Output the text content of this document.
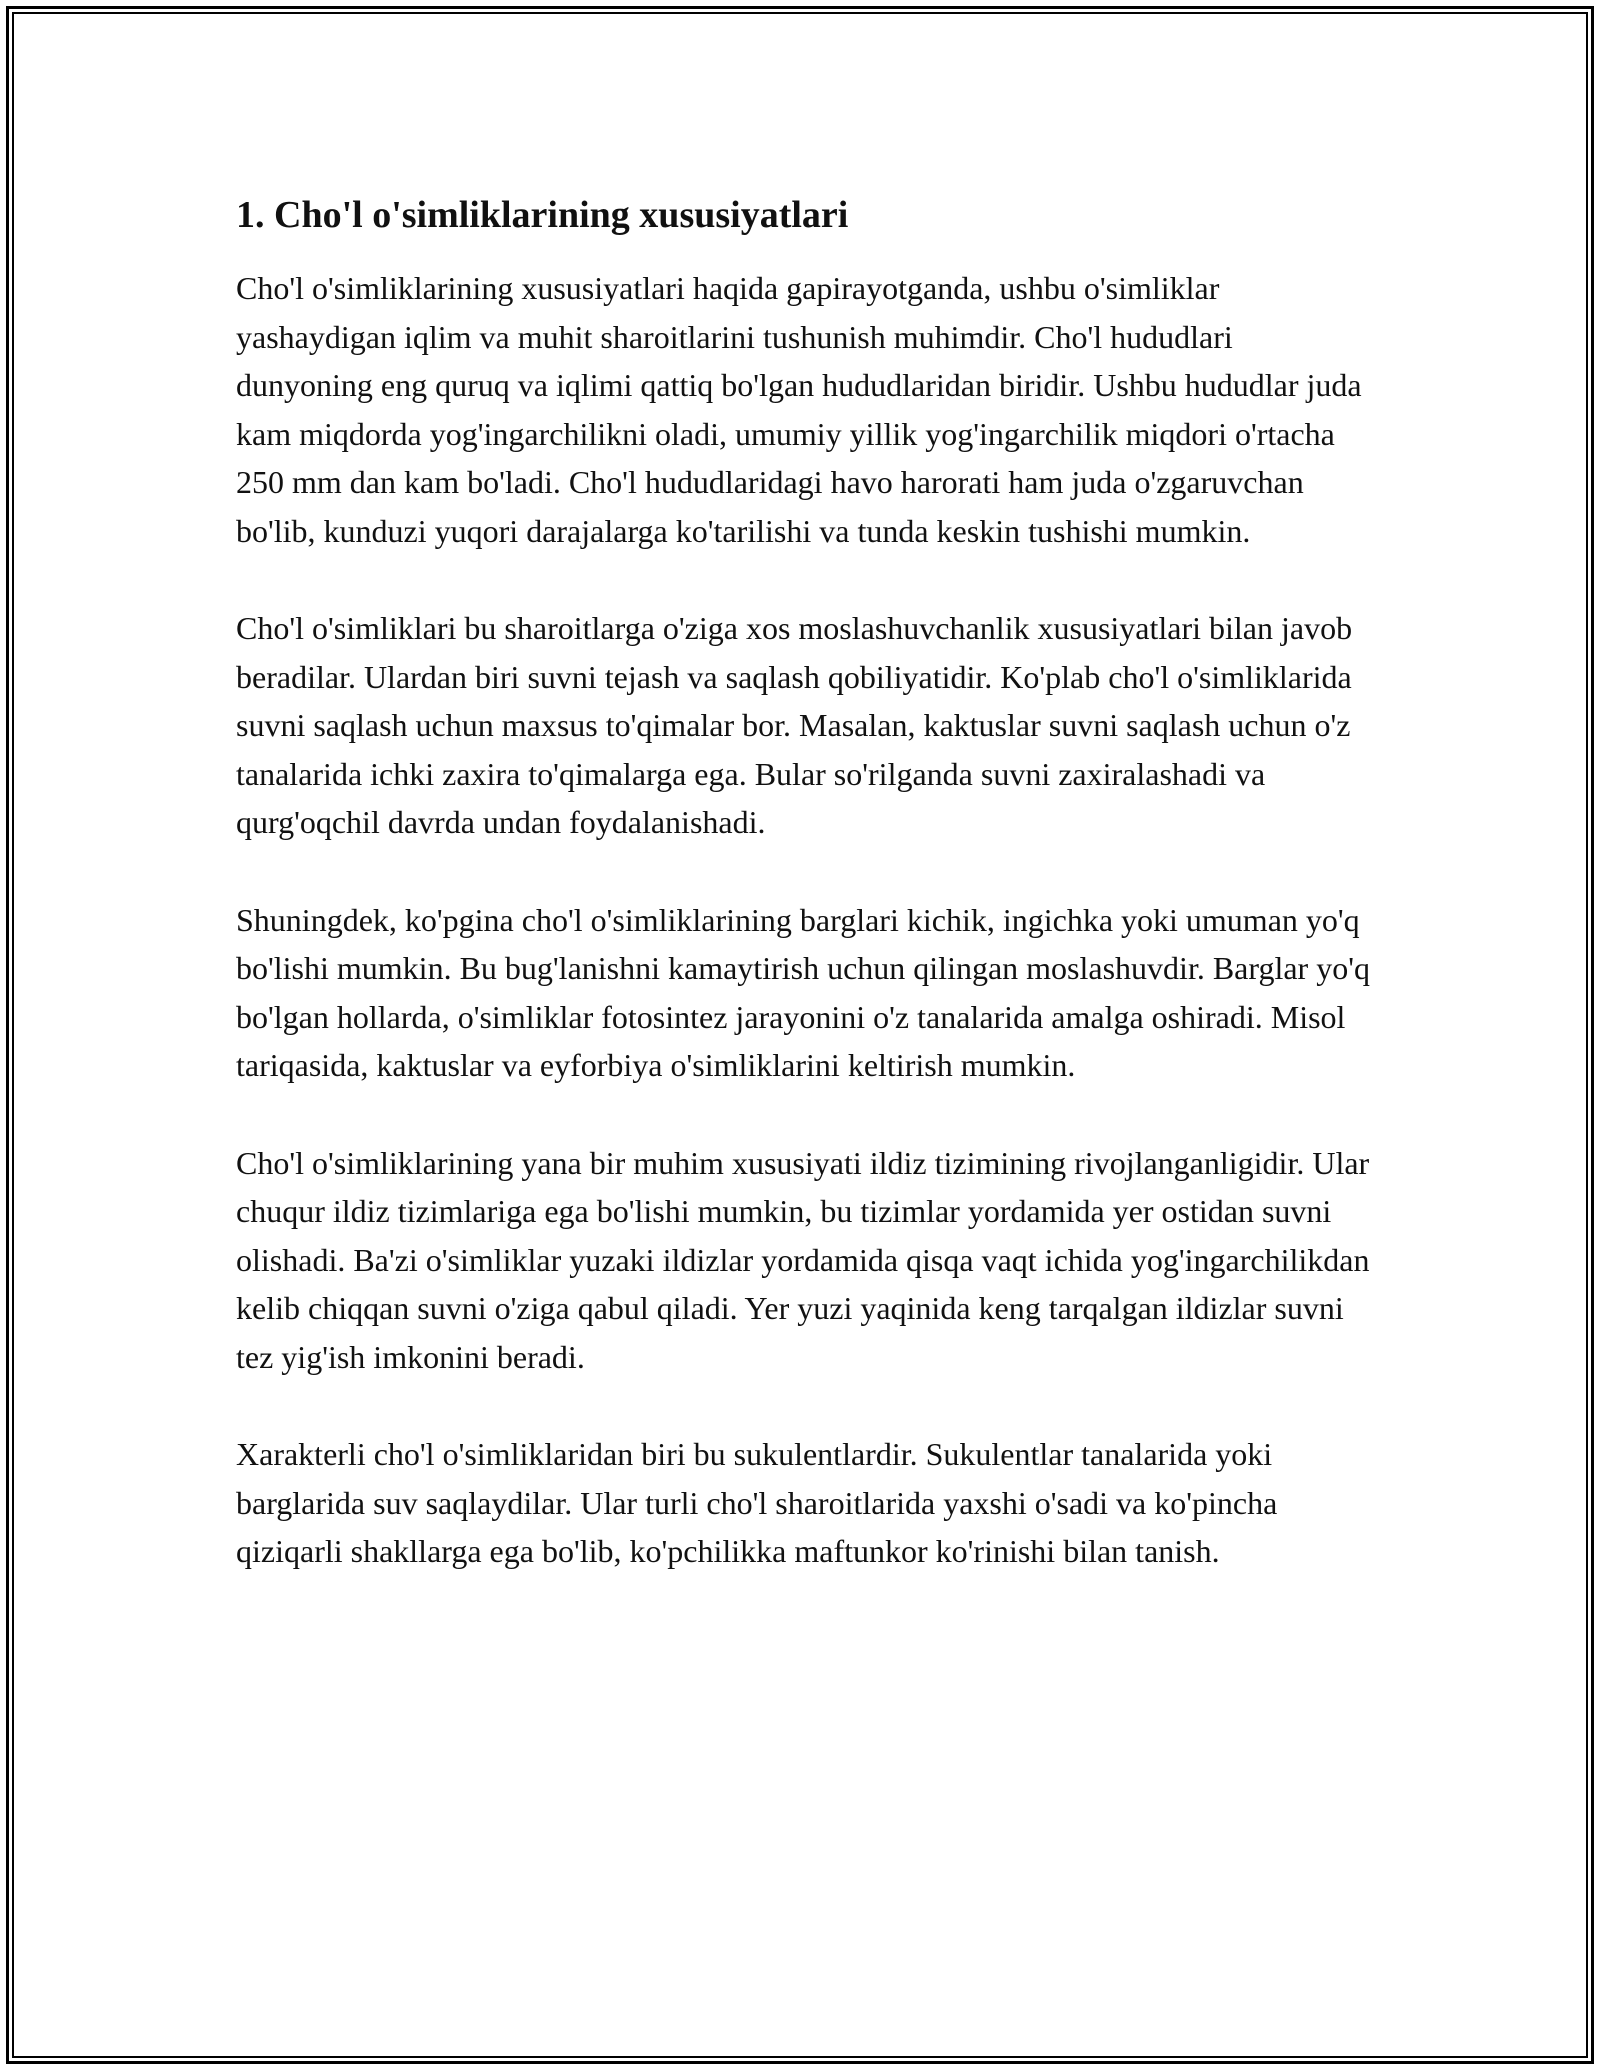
1. Cho'l o'simliklarining xususiyatlari

Cho'l o'simliklarining xususiyatlari haqida gapirayotganda, ushbu o'simliklar yashaydigan iqlim va muhit sharoitlarini tushunish muhimdir. Cho'l hududlari dunyoning eng quruq va iqlimi qattiq bo'lgan hududlaridan biridir. Ushbu hududlar juda kam miqdorda yog'ingarchilikni oladi, umumiy yillik yog'ingarchilik miqdori o'rtacha 250 mm dan kam bo'ladi. Cho'l hududlaridagi havo harorati ham juda o'zgaruvchan bo'lib, kunduzi yuqori darajalarga ko'tarilishi va tunda keskin tushishi mumkin.

Cho'l o'simliklari bu sharoitlarga o'ziga xos moslashuvchanlik xususiyatlari bilan javob beradilar. Ulardan biri suvni tejash va saqlash qobiliyatidir. Ko'plab cho'l o'simliklarida suvni saqlash uchun maxsus to'qimalar bor. Masalan, kaktuslar suvni saqlash uchun o'z tanalarida ichki zaxira to'qimalarga ega. Bular so'rilganda suvni zaxiralashadi va qurg'oqchil davrda undan foydalanishadi.

Shuningdek, ko'pgina cho'l o'simliklarining barglari kichik, ingichka yoki umuman yo'q bo'lishi mumkin. Bu bug'lanishni kamaytirish uchun qilingan moslashuvdir. Barglar yo'q bo'lgan hollarda, o'simliklar fotosintez jarayonini o'z tanalarida amalga oshiradi. Misol tariqasida, kaktuslar va eyforbiya o'simliklarini keltirish mumkin.

Cho'l o'simliklarining yana bir muhim xususiyati ildiz tizimining rivojlanganligidir. Ular chuqur ildiz tizimlariga ega bo'lishi mumkin, bu tizimlar yordamida yer ostidan suvni olishadi. Ba'zi o'simliklar yuzaki ildizlar yordamida qisqa vaqt ichida yog'ingarchilikdan kelib chiqqan suvni o'ziga qabul qiladi. Yer yuzi yaqinida keng tarqalgan ildizlar suvni tez yig'ish imkonini beradi.

Xarakterli cho'l o'simliklaridan biri bu sukulentlardir. Sukulentlar tanalarida yoki barglarida suv saqlaydilar. Ular turli cho'l sharoitlarida yaxshi o'sadi va ko'pincha qiziqarli shakllarga ega bo'lib, ko'pchilikka maftunkor ko'rinishi bilan tanish.
